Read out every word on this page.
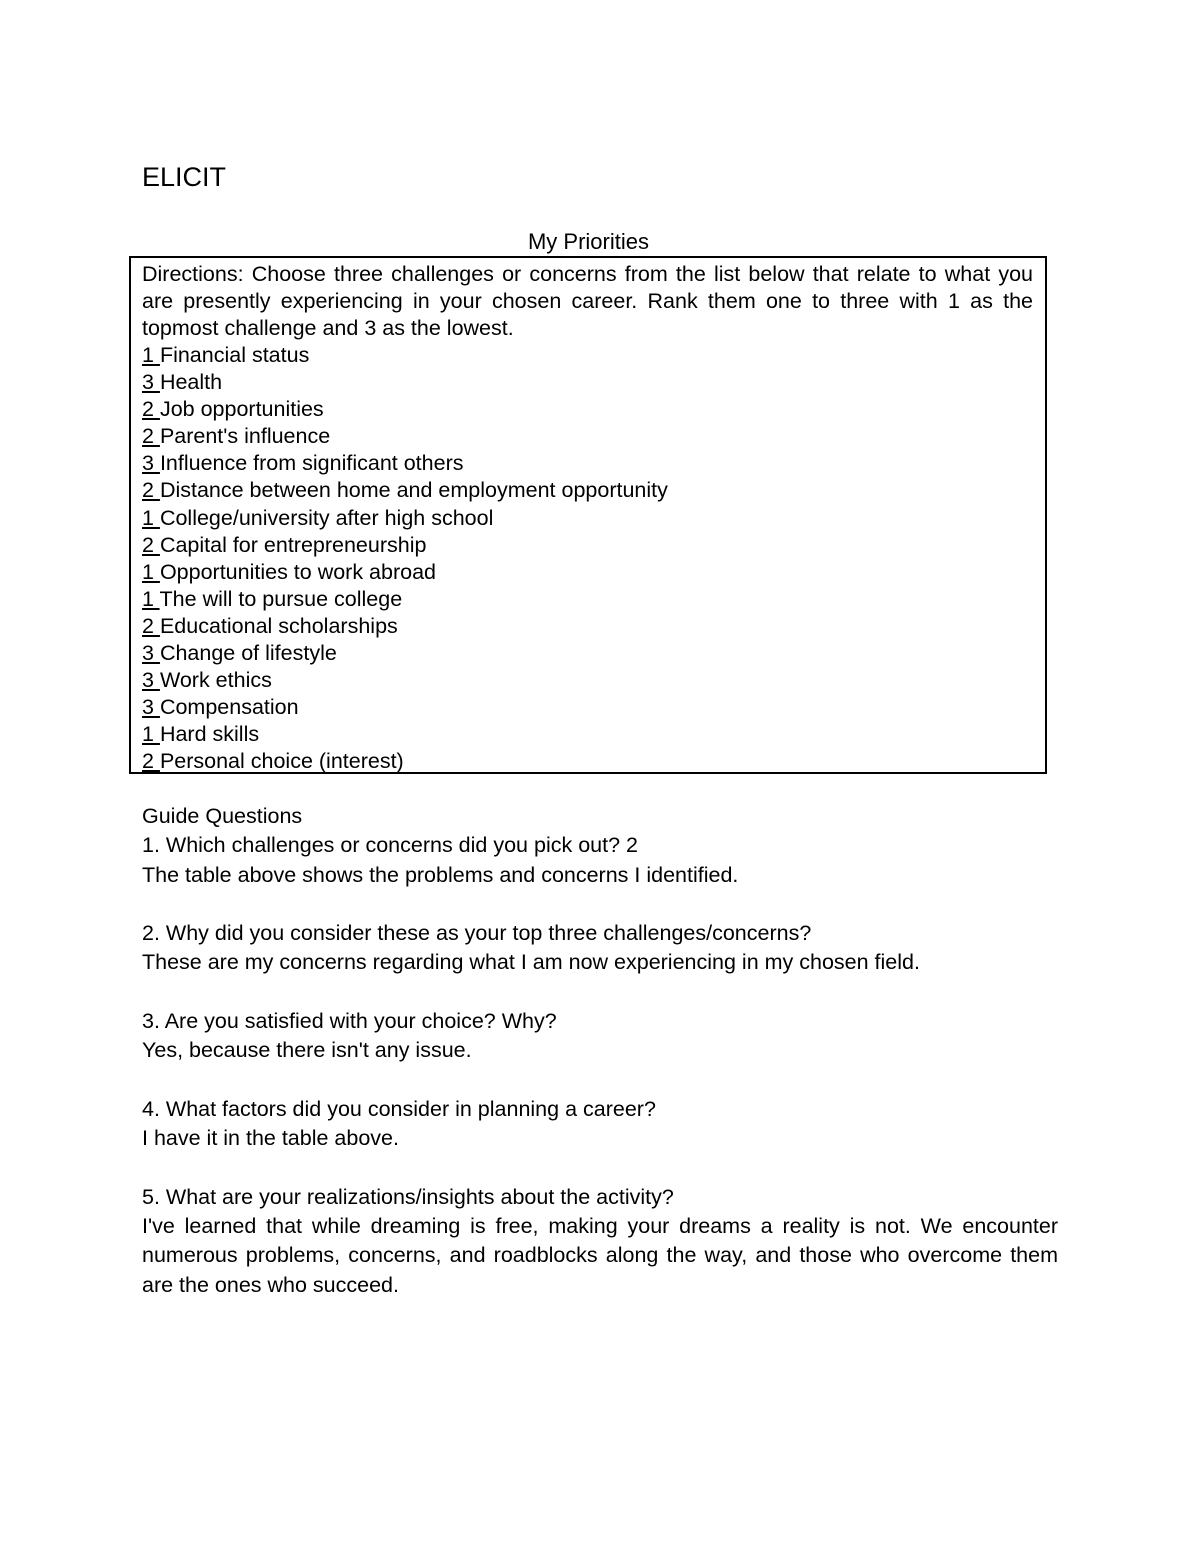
ELICIT
My Priorities

Directions: Choose three challenges or concerns from the list below that relate to what you are presently experiencing in your chosen career. Rank them one to three with 1 as the topmost challenge and 3 as the lowest.

1 Financial status
3 Health
2 Job opportunities
2 Parent's influence
3 Influence from significant others
2 Distance between home and employment opportunity
1 College/university after high school
2 Capital for entrepreneurship
1 Opportunities to work abroad
1 The will to pursue college
2 Educational scholarships
3 Change of lifestyle
3 Work ethics
3 Compensation
1 Hard skills
2 Personal choice (interest)
Guide Questions

1. Which challenges or concerns did you pick out? 2

The table above shows the problems and concerns I identified.

2. Why did you consider these as your top three challenges/concerns?

These are my concerns regarding what I am now experiencing in my chosen field.

3. Are you satisfied with your choice? Why?

Yes, because there isn't any issue.

4. What factors did you consider in planning a career?

I have it in the table above.

5. What are your realizations/insights about the activity?

I've learned that while dreaming is free, making your dreams a reality is not. We encounter numerous problems, concerns, and roadblocks along the way, and those who overcome them are the ones who succeed.
